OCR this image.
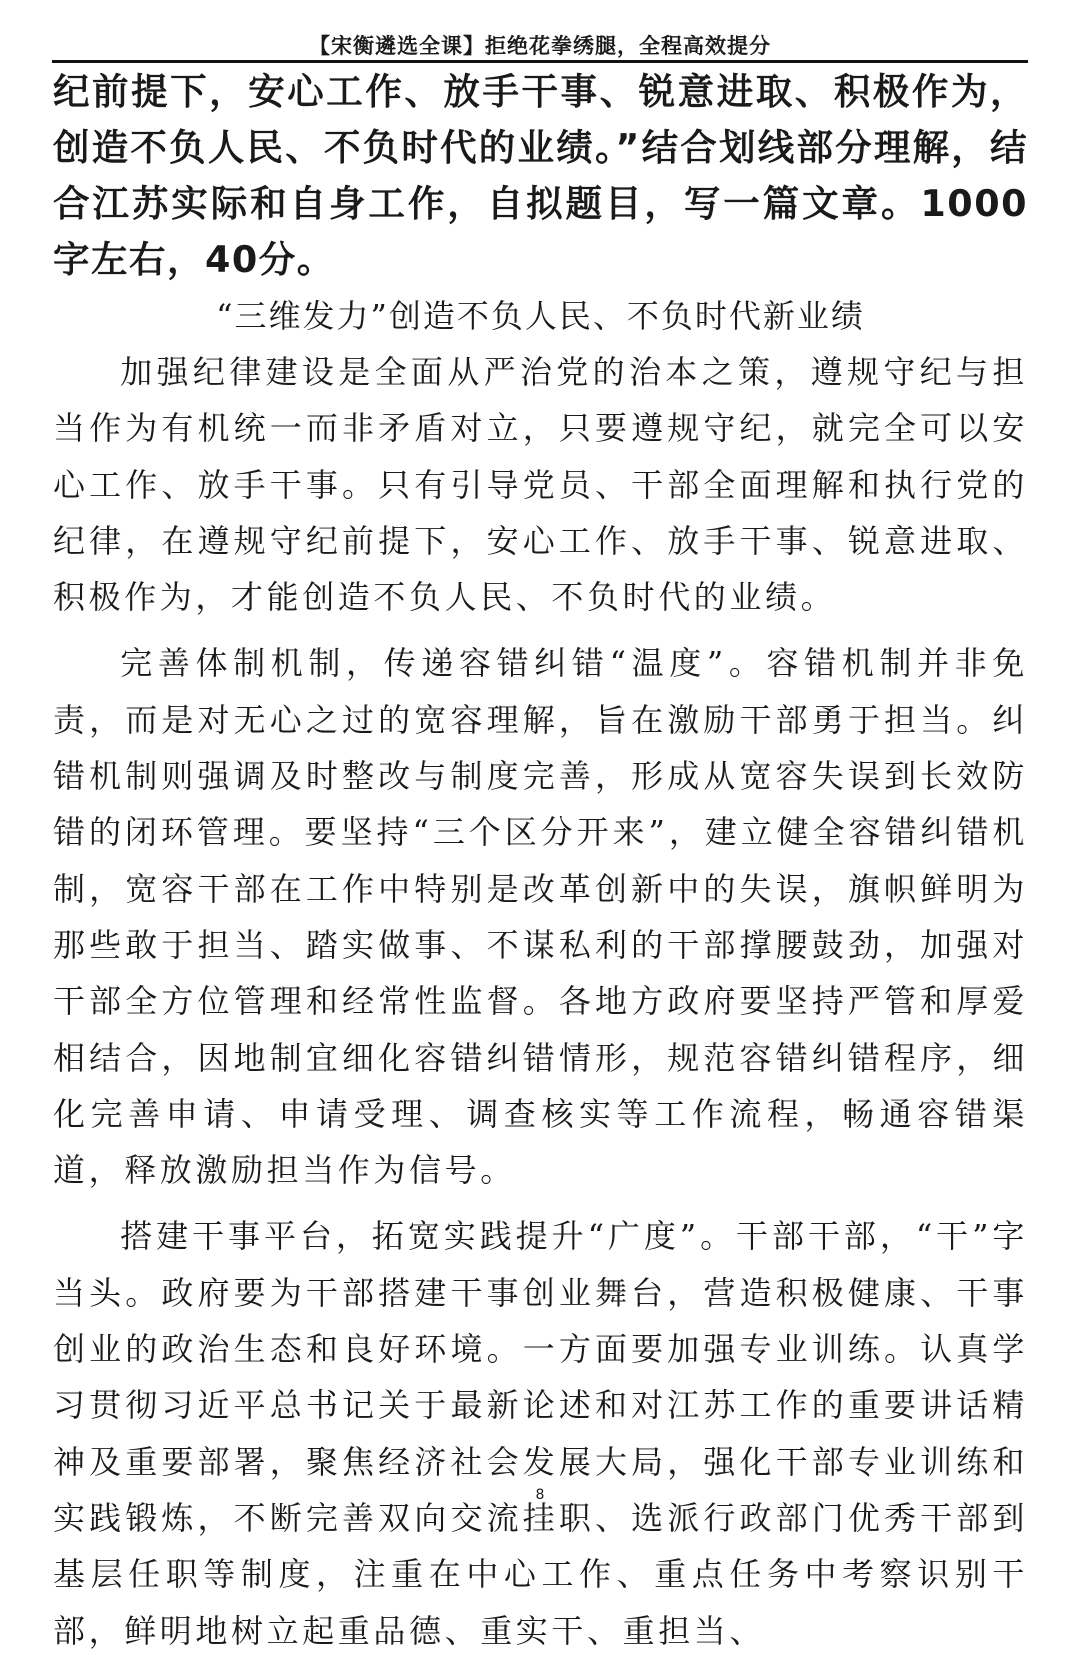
【宋衡遴选全课】拒绝花拳绣腿，全程高效提分
纪前提下，安心工作、放手干事、锐意进取、积极作为，创造不负人民、不负时代的业绩。”结合划线部分理解，结合江苏实际和自身工作，自拟题目，写一篇文章。1000字左右，40分。
“三维发力”创造不负人民、不负时代新业绩

加强纪律建设是全面从严治党的治本之策，遵规守纪与担当作为有机统一而非矛盾对立，只要遵规守纪，就完全可以安心工作、放手干事。只有引导党员、干部全面理解和执行党的纪律，在遵规守纪前提下，安心工作、放手干事、锐意进取、积极作为，才能创造不负人民、不负时代的业绩。

完善体制机制，传递容错纠错“温度”。容错机制并非免责，而是对无心之过的宽容理解，旨在激励干部勇于担当。纠错机制则强调及时整改与制度完善，形成从宽容失误到长效防错的闭环管理。要坚持“三个区分开来”，建立健全容错纠错机制，宽容干部在工作中特别是改革创新中的失误，旗帜鲜明为那些敢于担当、踏实做事、不谋私利的干部撑腰鼓劲，加强对干部全方位管理和经常性监督。各地方政府要坚持严管和厚爱相结合，因地制宜细化容错纠错情形，规范容错纠错程序，细化完善申请、申请受理、调查核实等工作流程，畅通容错渠道，释放激励担当作为信号。

搭建干事平台，拓宽实践提升“广度”。干部干部，“干”字当头。政府要为干部搭建干事创业舞台，营造积极健康、干事创业的政治生态和良好环境。一方面要加强专业训练。认真学习贯彻习近平总书记关于最新论述和对江苏工作的重要讲话精神及重要部署，聚焦经济社会发展大局，强化干部专业训练和实践锻炼，不断完善双向交流挂职、选派行政部门优秀干部到基层任职等制度，注重在中心工作、重点任务中考察识别干部，鲜明地树立起重品德、重实干、重担当、

8
